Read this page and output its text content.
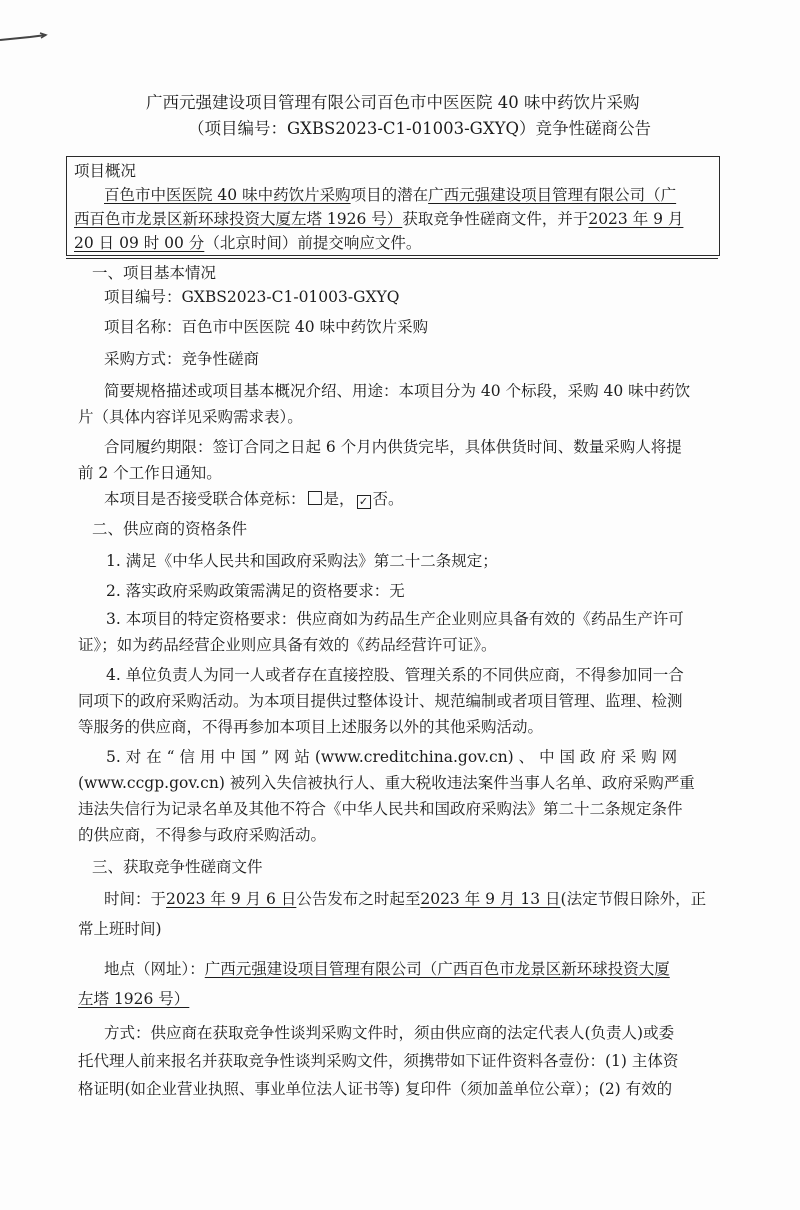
广西元强建设项目管理有限公司百色市中医医院 40 味中药饮片采购
（项目编号：GXBS2023-C1-01003-GXYQ）竞争性磋商公告
项目概况
百色市中医医院 40 味中药饮片采购项目的潜在广西元强建设项目管理有限公司（广
西百色市龙景区新环球投资大厦左塔 1926 号）获取竞争性磋商文件，并于2023 年 9 月
20 日 09 时 00 分（北京时间）前提交响应文件。
一、项目基本情况
项目编号：GXBS2023-C1-01003-GXYQ
项目名称：百色市中医医院 40 味中药饮片采购
采购方式：竞争性磋商
简要规格描述或项目基本概况介绍、用途：本项目分为 40 个标段，采购 40 味中药饮
片（具体内容详见采购需求表）。
合同履约期限：签订合同之日起 6 个月内供货完毕，具体供货时间、数量采购人将提
前 2 个工作日通知。
本项目是否接受联合体竞标： 是， ✓ 否。
二、供应商的资格条件
1. 满足《中华人民共和国政府采购法》第二十二条规定；
2. 落实政府采购政策需满足的资格要求：无
3. 本项目的特定资格要求：供应商如为药品生产企业则应具备有效的《药品生产许可
证》；如为药品经营企业则应具备有效的《药品经营许可证》。
4. 单位负责人为同一人或者存在直接控股、管理关系的不同供应商，不得参加同一合
同项下的政府采购活动。为本项目提供过整体设计、规范编制或者项目管理、监理、检测
等服务的供应商，不得再参加本项目上述服务以外的其他采购活动。
5. 对 在 “ 信 用 中 国 ” 网 站 (www.creditchina.gov.cn) 、 中 国 政 府 采 购 网
(www.ccgp.gov.cn) 被列入失信被执行人、重大税收违法案件当事人名单、政府采购严重
违法失信行为记录名单及其他不符合《中华人民共和国政府采购法》第二十二条规定条件
的供应商，不得参与政府采购活动。
三、获取竞争性磋商文件
时间：于2023 年 9 月 6 日公告发布之时起至2023 年 9 月 13 日(法定节假日除外，正
常上班时间)
地点（网址）：广西元强建设项目管理有限公司（广西百色市龙景区新环球投资大厦
左塔 1926 号）
方式：供应商在获取竞争性谈判采购文件时，须由供应商的法定代表人(负责人)或委
托代理人前来报名并获取竞争性谈判采购文件，须携带如下证件资料各壹份：(1) 主体资
格证明(如企业营业执照、事业单位法人证书等) 复印件（须加盖单位公章）；(2) 有效的
